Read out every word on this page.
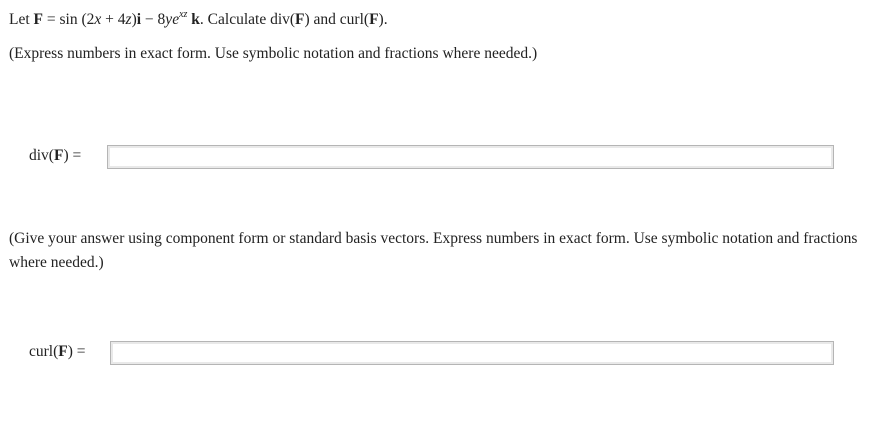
Let $F = \sin (2x + 4z)i - 8ye^{xz}$ k. Calculate div(F) and curl(F).
(Express numbers in exact form. Use symbolic notation and fractions where needed.)
div(F) =
(Give your answer using component form or standard basis vectors. Express numbers in exact form. Use symbolic notation and fractions where needed.)
curl(F) =
